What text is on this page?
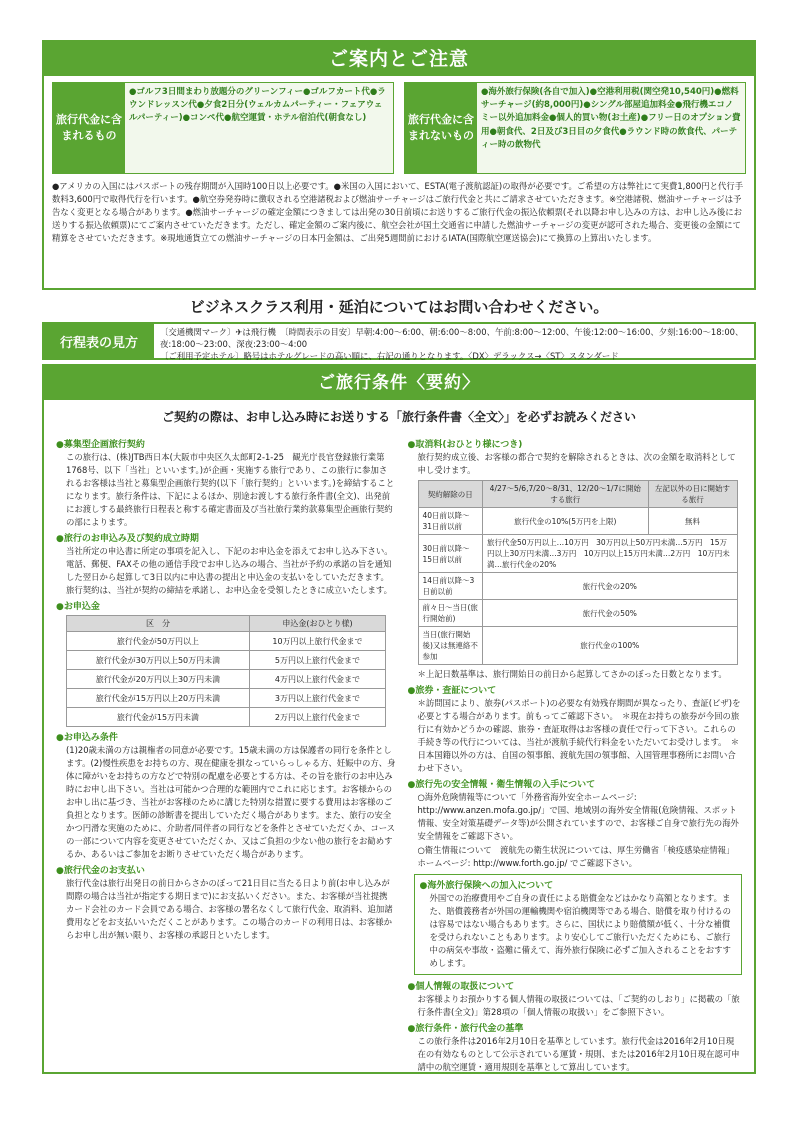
ご案内とご注意
旅行代金に含まれるもの
●ゴルフ3日間まわり放題分のグリーンフィー●ゴルフカート代●ラウンドレッスン代●夕食2日分(ウェルカムパーティー・フェアウェルパーティー)●コンペ代●航空運賃・ホテル宿泊代(朝食なし)	旅行代金に含まれないもの
●海外旅行保険(各自で加入)●空港利用税(関空発10,540円)●燃料サーチャージ(約8,000円)●シングル部屋追加料金●飛行機エコノミー以外追加料金●個人的買い物(お土産)●フリー日のオプション費用●朝食代、2日及び3日目の夕食代●ラウンド時の飲食代、パーティー時の飲物代
●アメリカの入国にはパスポートの残存期間が入国時100日以上必要です。●米国の入国において、ESTA(電子渡航認証)の取得が必要です。ご希望の方は弊社にて実費1,800円と代行手数料3,600円で取得代行を行います。●航空券発券時に徴収される空港諸税および燃油サーチャージはご旅行代金と共にご請求させていただきます。※空港諸税、燃油サーチャージは予告なく変更となる場合があります。●燃油サーチャージの確定金額につきましては出発の30日前頃にお送りするご旅行代金の振込依頼票(それ以降お申し込みの方は、お申し込み後にお送りする振込依頼票)にてご案内させていただきます。ただし、確定金額のご案内後に、航空会社が国土交通省に申請した燃油サーチャージの変更が認可された場合、変更後の金額にて精算をさせていただきます。※現地通貨立ての燃油サーチャージの日本円金額は、ご出発5週間前におけるIATA(国際航空運送協会)にて換算の上算出いたします。
ビジネスクラス利用・延泊についてはお問い合わせください。
行程表の見方
〔交通機関マーク〕✈は飛行機　〔時間表示の目安〕早朝:4:00～6:00、朝:6:00～8:00、午前:8:00～12:00、午後:12:00～16:00、夕刻:16:00～18:00、夜:18:00～23:00、深夜:23:00～4:00
〔ご利用予定ホテル〕略号はホテルグレードの高い順に、右記の通りとなります。〈DX〉デラックス→〈ST〉スタンダード
ご旅行条件〈要約〉
ご契約の際は、お申し込み時にお送りする「旅行条件書〈全文〉」を必ずお読みください
●募集型企画旅行契約
この旅行は、(株)JTB西日本(大阪市中央区久太郎町2-1-25　観光庁長官登録旅行業第1768号、以下「当社」といいます。)が企画・実施する旅行であり、この旅行に参加されるお客様は当社と募集型企画旅行契約(以下「旅行契約」といいます。)を締結することになります。旅行条件は、下記によるほか、別途お渡しする旅行条件書(全文)、出発前にお渡しする最終旅行日程表と称する確定書面及び当社旅行業約款募集型企画旅行契約の部によります。
●旅行のお申込み及び契約成立時期
当社所定の申込書に所定の事項を記入し、下記のお申込金を添えてお申し込み下さい。電話、郵便、FAXその他の通信手段でお申し込みの場合、当社が予約の承諾の旨を通知した翌日から起算して3日以内に申込書の提出と申込金の支払いをしていただきます。旅行契約は、当社が契約の締結を承諾し、お申込金を受領したときに成立いたします。
●お申込金
区　分	申込金(おひとり様)
旅行代金が50万円以上	10万円以上旅行代金まで
旅行代金が30万円以上50万円未満	5万円以上旅行代金まで
旅行代金が20万円以上30万円未満	4万円以上旅行代金まで
旅行代金が15万円以上20万円未満	3万円以上旅行代金まで
旅行代金が15万円未満	2万円以上旅行代金まで
●お申込み条件
(1)20歳未満の方は親権者の同意が必要です。15歳未満の方は保護者の同行を条件とします。(2)慢性疾患をお持ちの方、現在健康を損なっていらっしゃる方、妊娠中の方、身体に障がいをお持ちの方などで特別の配慮を必要とする方は、その旨を旅行のお申込み時にお申し出下さい。当社は可能かつ合理的な範囲内でこれに応じます。お客様からのお申し出に基づき、当社がお客様のために講じた特別な措置に要する費用はお客様のご負担となります。医師の診断書を提出していただく場合があります。また、旅行の安全かつ円滑な実施のために、介助者/同伴者の同行などを条件とさせていただくか、コースの一部について内容を変更させていただくか、又はご負担の少ない他の旅行をお勧めするか、あるいはご参加をお断りさせていただく場合があります。
●旅行代金のお支払い
旅行代金は旅行出発日の前日からさかのぼって21日目に当たる日より前(お申し込みが間際の場合は当社が指定する期日まで)にお支払いください。また、お客様が当社提携カード会社のカード会員である場合、お客様の署名なくして旅行代金、取消料、追加諸費用などをお支払いいただくことがあります。この場合のカードの利用日は、お客様からお申し出が無い限り、お客様の承認日といたします。
●取消料(おひとり様につき)
旅行契約成立後、お客様の都合で契約を解除されるときは、次の金額を取消料として申し受けます。
契約解除の日	4/27～5/6,7/20～8/31、12/20～1/7に開始する旅行	左記以外の日に開始する旅行
40日前以降～31日前以前	旅行代金の10%(5万円を上限)	無料
30日前以降～15日前以前	旅行代金50万円以上…10万円　30万円以上50万円未満…5万円　15万円以上30万円未満…3万円　10万円以上15万円未満…2万円　10万円未満…旅行代金の20%	
14日前以降～3日前以前	旅行代金の20%	
前々日～当日(旅行開始前)	旅行代金の50%	
当日(旅行開始後)又は無連絡不参加	旅行代金の100%	
＊上記日数基準は、旅行開始日の前日から起算してさかのぼった日数となります。
●旅券・査証について
＊訪問国により、旅券(パスポート)の必要な有効残存期間が異なったり、査証(ビザ)を必要とする場合があります。前もってご確認下さい。　＊現在お持ちの旅券が今回の旅行に有効かどうかの確認、旅券・査証取得はお客様の責任で行って下さい。これらの手続き等の代行については、当社が渡航手続代行料金をいただいてお受けします。　＊日本国籍以外の方は、自国の領事館、渡航先国の領事館、入国管理事務所にお問い合わせ下さい。
●旅行先の安全情報・衛生情報の入手について
○海外危険情報等について「外務省海外安全ホームページ: http://www.anzen.mofa.go.jp/」で国、地域別の海外安全情報(危険情報、スポット情報、安全対策基礎データ等)が公開されていますので、お客様ご自身で旅行先の海外安全情報をご確認下さい。
○衛生情報について　渡航先の衛生状況については、厚生労働省「検疫感染症情報」ホームページ: http://www.forth.go.jp/ でご確認下さい。
●海外旅行保険への加入について
外国での治療費用やご自身の責任による賠償金などはかなり高額となります。また、賠償義務者が外国の運輸機関や宿泊機関等である場合、賠償を取り付けるのは容易ではない場合もあります。さらに、国状により賠償額が低く、十分な補償を受けられないこともあります。より安心してご旅行いただくためにも、ご旅行中の病気や事故・盗難に備えて、海外旅行保険に必ずご加入されることをおすすめします。
●個人情報の取扱について
お客様よりお預かりする個人情報の取扱については、「ご契約のしおり」に掲載の「旅行条件書(全文)」第28項の「個人情報の取扱い」をご参照下さい。
●旅行条件・旅行代金の基準
この旅行条件は2016年2月10日を基準としています。旅行代金は2016年2月10日現在の有効なものとして公示されている運賃・規則、または2016年2月10日現在認可申請中の航空運賃・適用規則を基準として算出しています。
